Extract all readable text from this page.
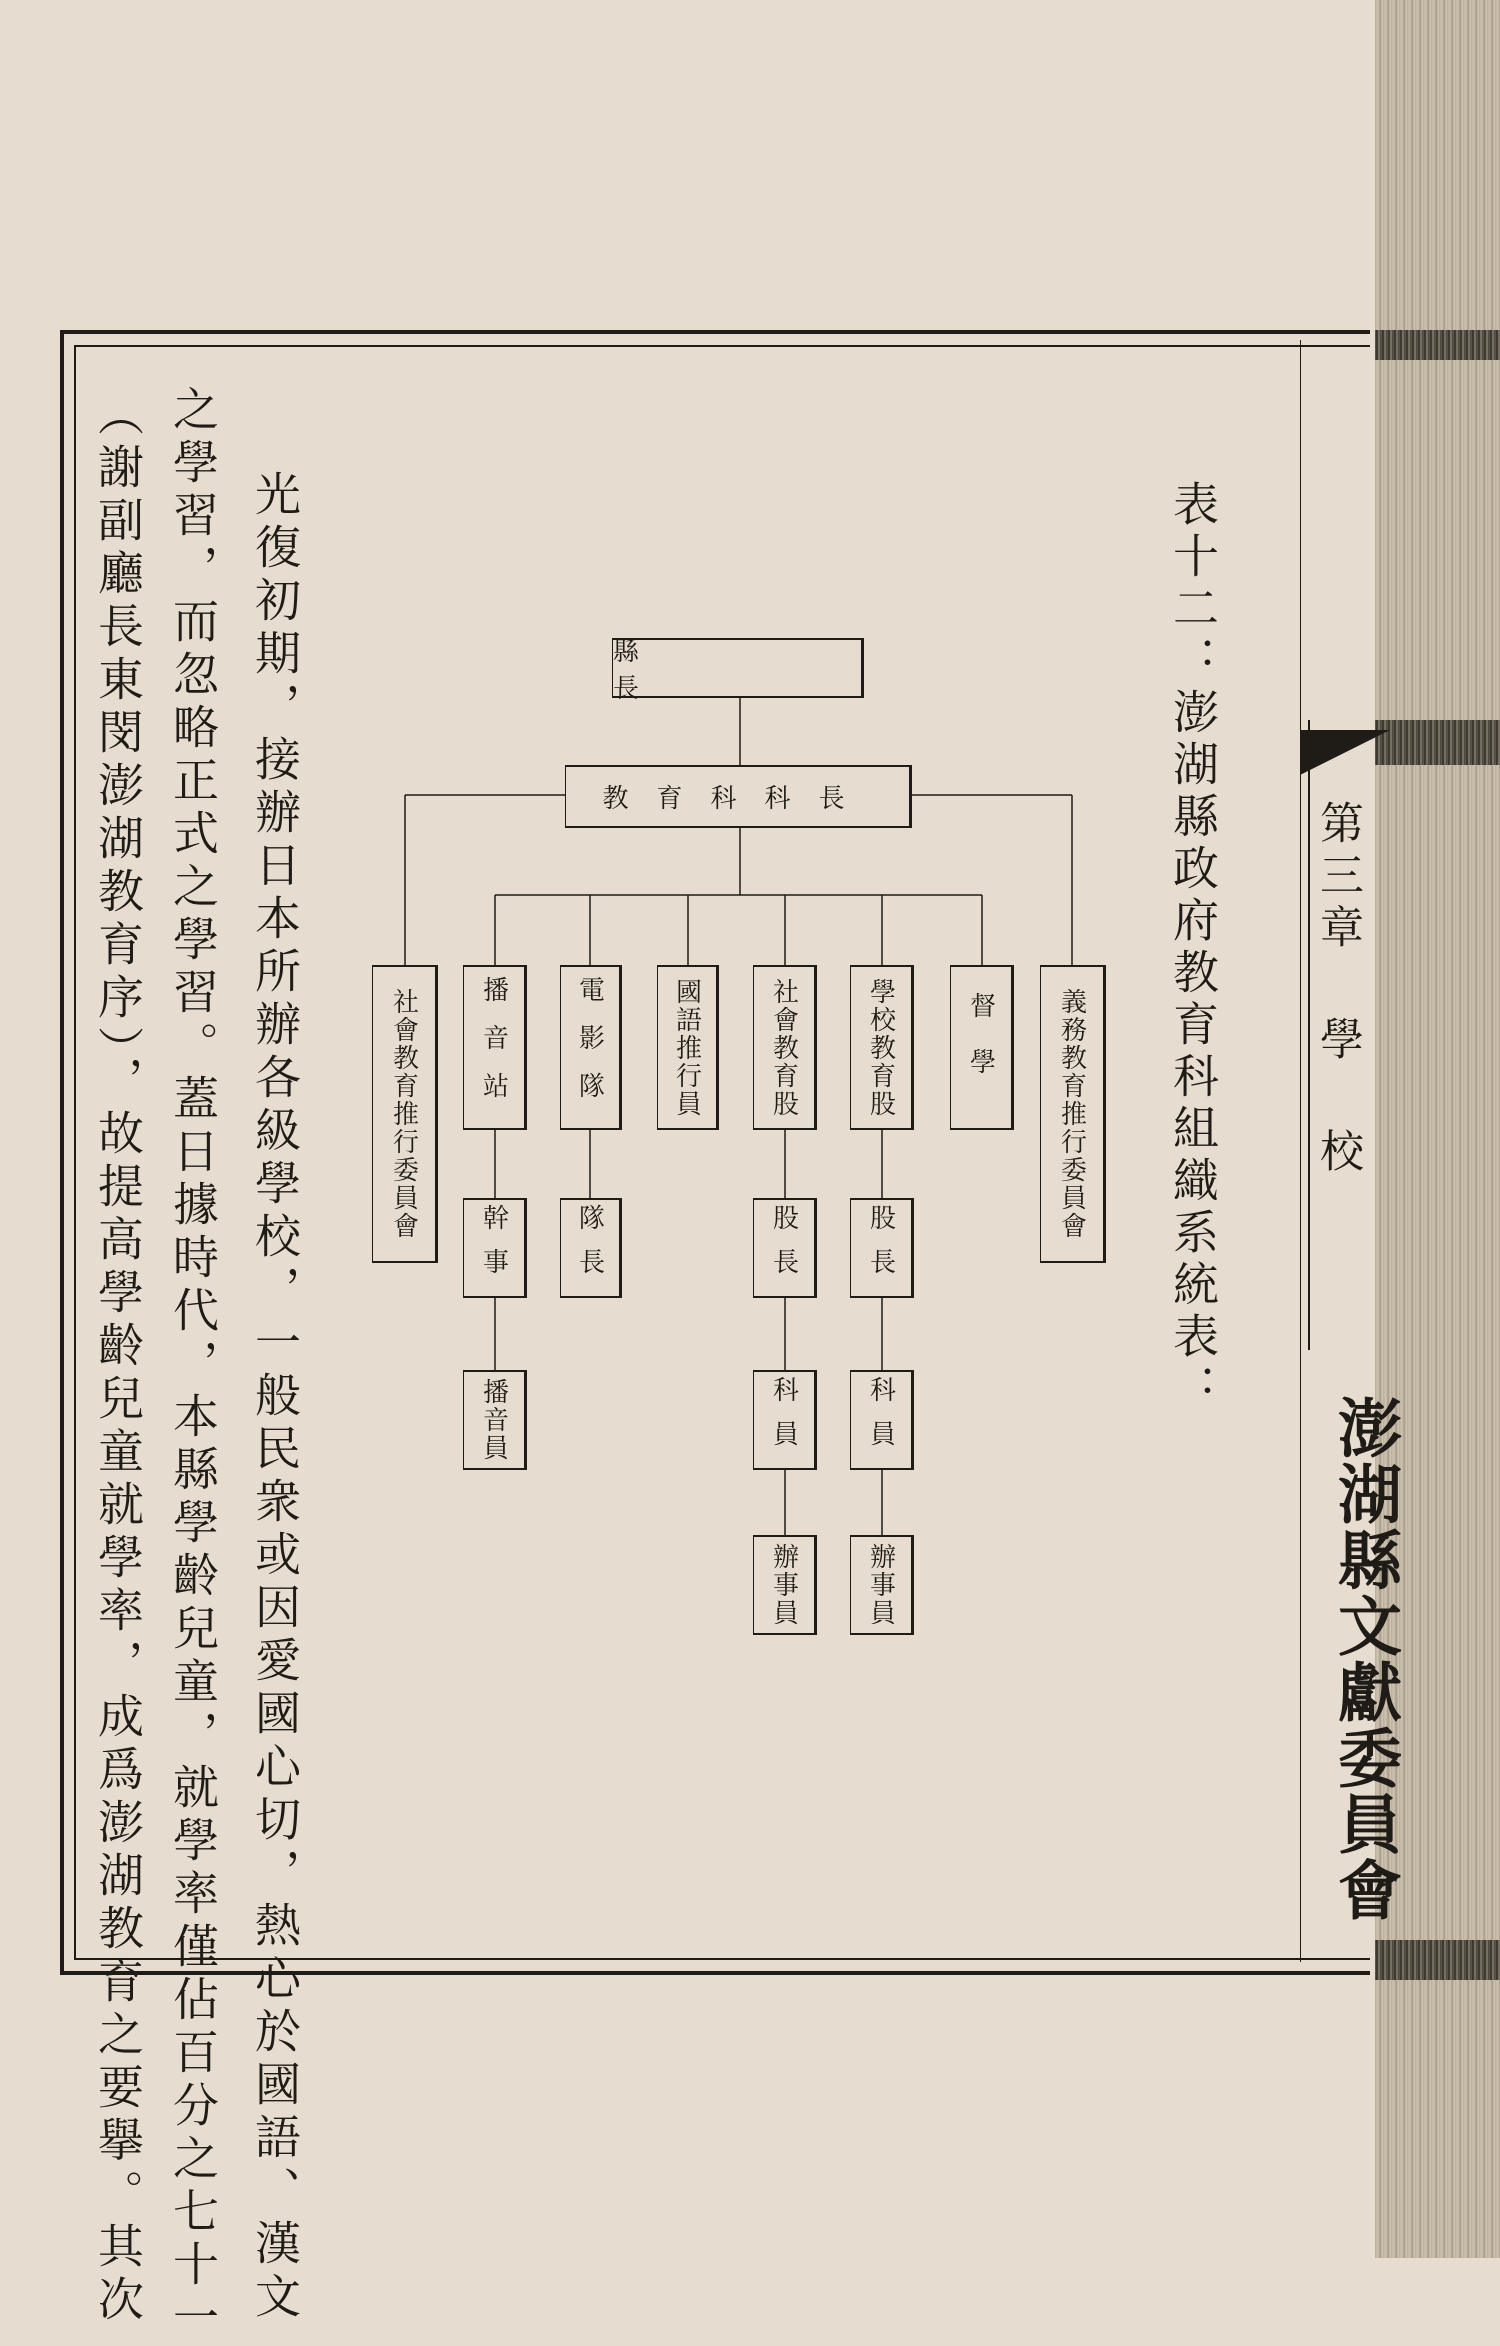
第三章學校
澎湖縣文獻委員會
表十二：澎湖縣政府教育科組織系統表：
縣　　長
教育科科長
社會教育推行委員會	義務教育推行委員會
播音站	電影隊	國語推行員	社會教育股	學校教育股	督學
幹事
播音員
隊長	股長
科員
辦事員
股長
科員
辦事員
光復初期，接辦日本所辦各級學校，一般民衆或因愛國心切，熱心於國語、漢文
之學習，而忽略正式之學習。蓋日據時代，本縣學齡兒童，就學率僅佔百分之七十一
（謝副廳長東閔澎湖教育序），故提高學齡兒童就學率，成爲澎湖教育之要擧。其次
